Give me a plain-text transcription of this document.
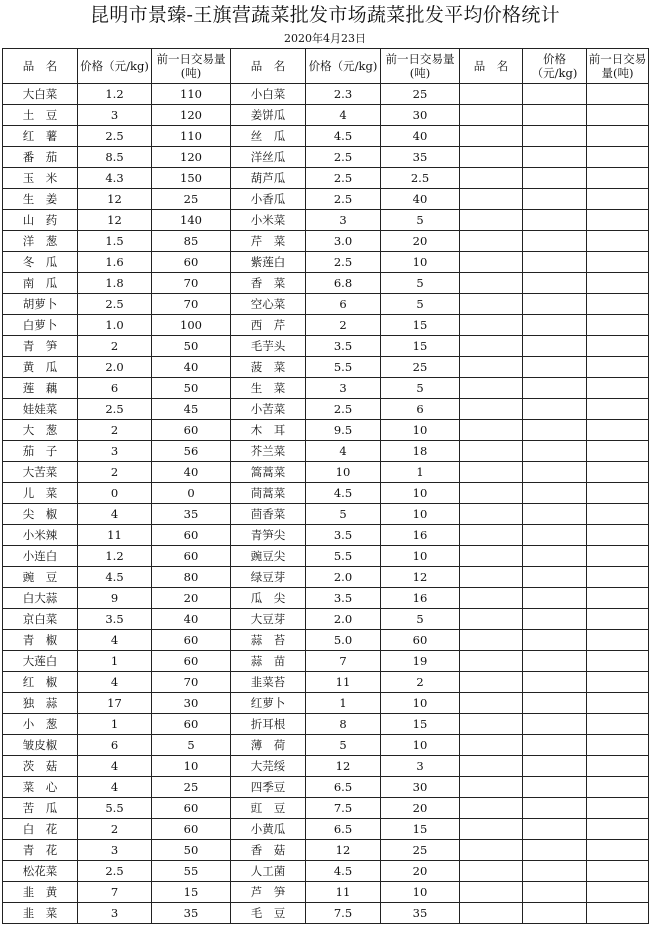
昆明市景臻-王旗营蔬菜批发市场蔬菜批发平均价格统计
2020年4月23日
品　名	价格（元/kg)	前一日交易量(吨)	品　名	价格（元/kg)	前一日交易量(吨)	品　名	价格（元/kg)	前一日交易量(吨)
大白菜	1.2	110	小白菜	2.3	25			
土　豆	3	120	姜饼瓜	4	30			
红　薯	2.5	110	丝　瓜	4.5	40			
番　茄	8.5	120	洋丝瓜	2.5	35			
玉　米	4.3	150	葫芦瓜	2.5	2.5			
生　姜	12	25	小香瓜	2.5	40			
山　药	12	140	小米菜	3	5			
洋　葱	1.5	85	芹　菜	3.0	20			
冬　瓜	1.6	60	紫莲白	2.5	10			
南　瓜	1.8	70	香　菜	6.8	5			
胡萝卜	2.5	70	空心菜	6	5			
白萝卜	1.0	100	西　芹	2	15			
青　笋	2	50	毛芋头	3.5	15			
黄　瓜	2.0	40	菠　菜	5.5	25			
莲　藕	6	50	生　菜	3	5			
娃娃菜	2.5	45	小苦菜	2.5	6			
大　葱	2	60	木　耳	9.5	10			
茄　子	3	56	芥兰菜	4	18			
大苦菜	2	40	篙蒿菜	10	1			
儿　菜	0	0	茼蒿菜	4.5	10			
尖　椒	4	35	茴香菜	5	10			
小米辣	11	60	青笋尖	3.5	16			
小连白	1.2	60	豌豆尖	5.5	10			
豌　豆	4.5	80	绿豆芽	2.0	12			
白大蒜	9	20	瓜　尖	3.5	16			
京白菜	3.5	40	大豆芽	2.0	5			
青　椒	4	60	蒜　苔	5.0	60			
大莲白	1	60	蒜　苗	7	19			
红　椒	4	70	韭菜苔	11	2			
独　蒜	17	30	红萝卜	1	10			
小　葱	1	60	折耳根	8	15			
皱皮椒	6	5	薄　荷	5	10			
茨　菇	4	10	大芫绥	12	3			
菜　心	4	25	四季豆	6.5	30			
苦　瓜	5.5	60	豇　豆	7.5	20			
白　花	2	60	小黄瓜	6.5	15			
青　花	3	50	香　菇	12	25			
松花菜	2.5	55	人工菌	4.5	20			
韭　黄	7	15	芦　笋	11	10			
韭　菜	3	35	毛　豆	7.5	35			
